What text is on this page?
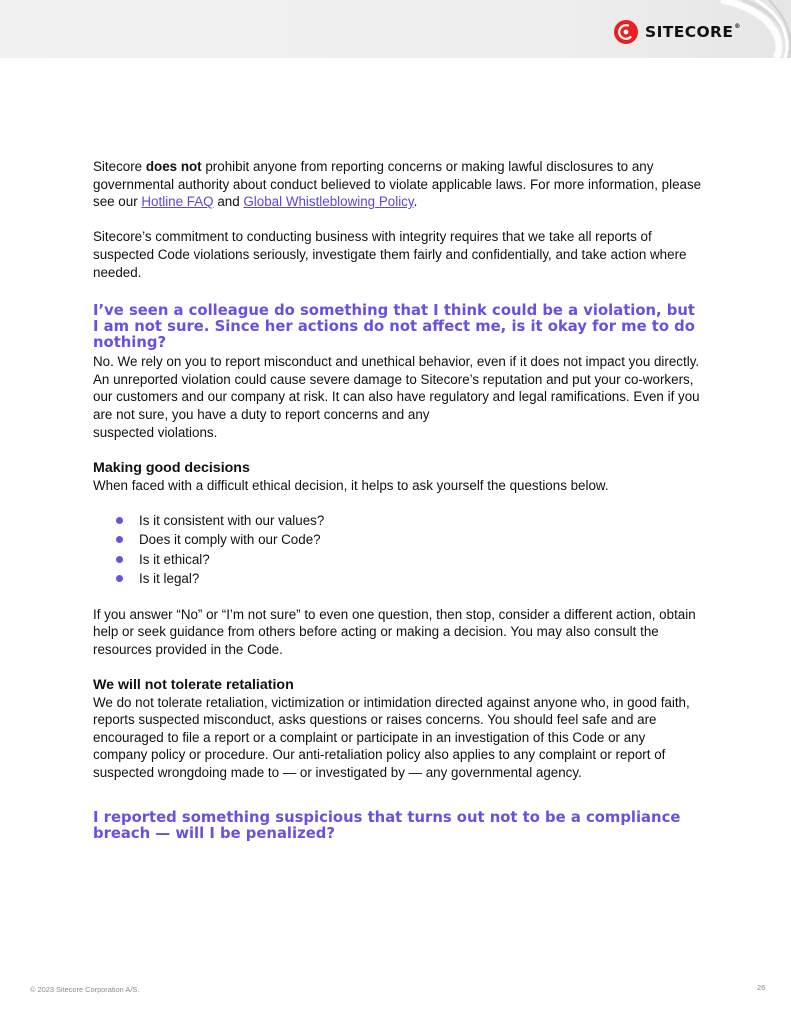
SITECORE®

Sitecore does not prohibit anyone from reporting concerns or making lawful disclosures to any governmental authority about conduct believed to violate applicable laws. For more information, please see our Hotline FAQ and Global Whistleblowing Policy.

Sitecore’s commitment to conducting business with integrity requires that we take all reports of suspected Code violations seriously, investigate them fairly and confidentially, and take action where needed.

I’ve seen a colleague do something that I think could be a violation, but I am not sure. Since her actions do not affect me, is it okay for me to do nothing?

No. We rely on you to report misconduct and unethical behavior, even if it does not impact you directly. An unreported violation could cause severe damage to Sitecore’s reputation and put your co-workers, our customers and our company at risk. It can also have regulatory and legal ramifications. Even if you are not sure, you have a duty to report concerns and any
suspected violations.

Making good decisions

When faced with a difficult ethical decision, it helps to ask yourself the questions below.

Is it consistent with our values?
Does it comply with our Code?
Is it ethical?
Is it legal?

If you answer “No” or “I’m not sure” to even one question, then stop, consider a different action, obtain help or seek guidance from others before acting or making a decision. You may also consult the resources provided in the Code.

We will not tolerate retaliation

We do not tolerate retaliation, victimization or intimidation directed against anyone who, in good faith, reports suspected misconduct, asks questions or raises concerns. You should feel safe and are encouraged to file a report or a complaint or participate in an investigation of this Code or any company policy or procedure. Our anti-retaliation policy also applies to any complaint or report of suspected wrongdoing made to — or investigated by — any governmental agency.

I reported something suspicious that turns out not to be a compliance breach — will I be penalized?

© 2023 Sitecore Corporation A/S.	26
